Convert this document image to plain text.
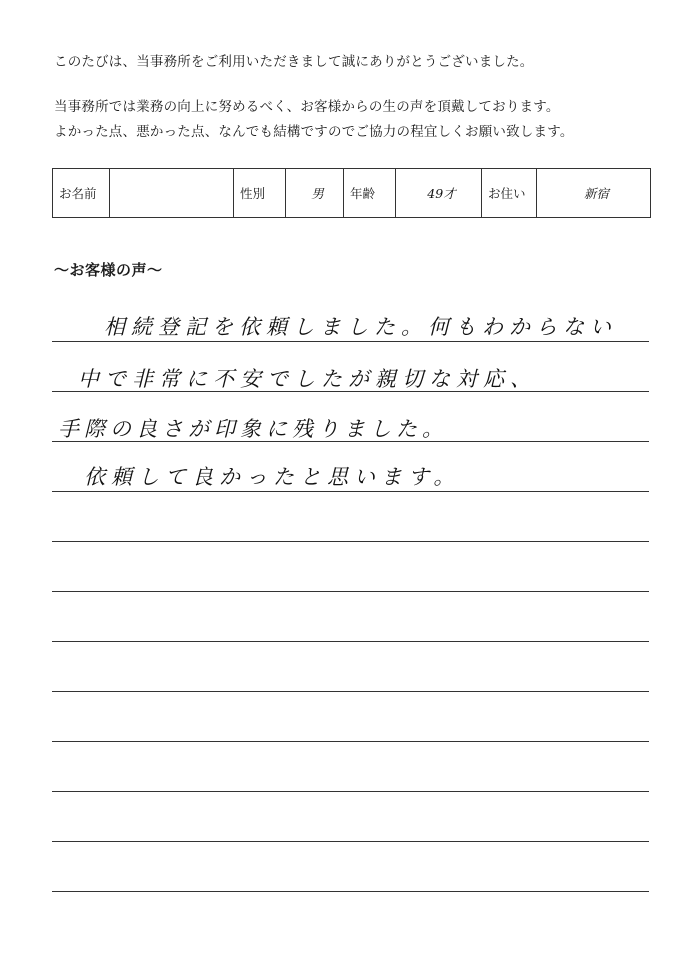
このたびは、当事務所をご利用いただきまして誠にありがとうございました。
当事務所では業務の向上に努めるべく、お客様からの生の声を頂戴しております。
よかった点、悪かった点、なんでも結構ですのでご協力の程宜しくお願い致します。
お名前		性別	男	年齢	49才	お住い	新宿
～お客様の声～
相続登記を依頼しました。何もわからない
中で非常に不安でしたが親切な対応、
手際の良さが印象に残りました。
依頼して良かったと思います。
